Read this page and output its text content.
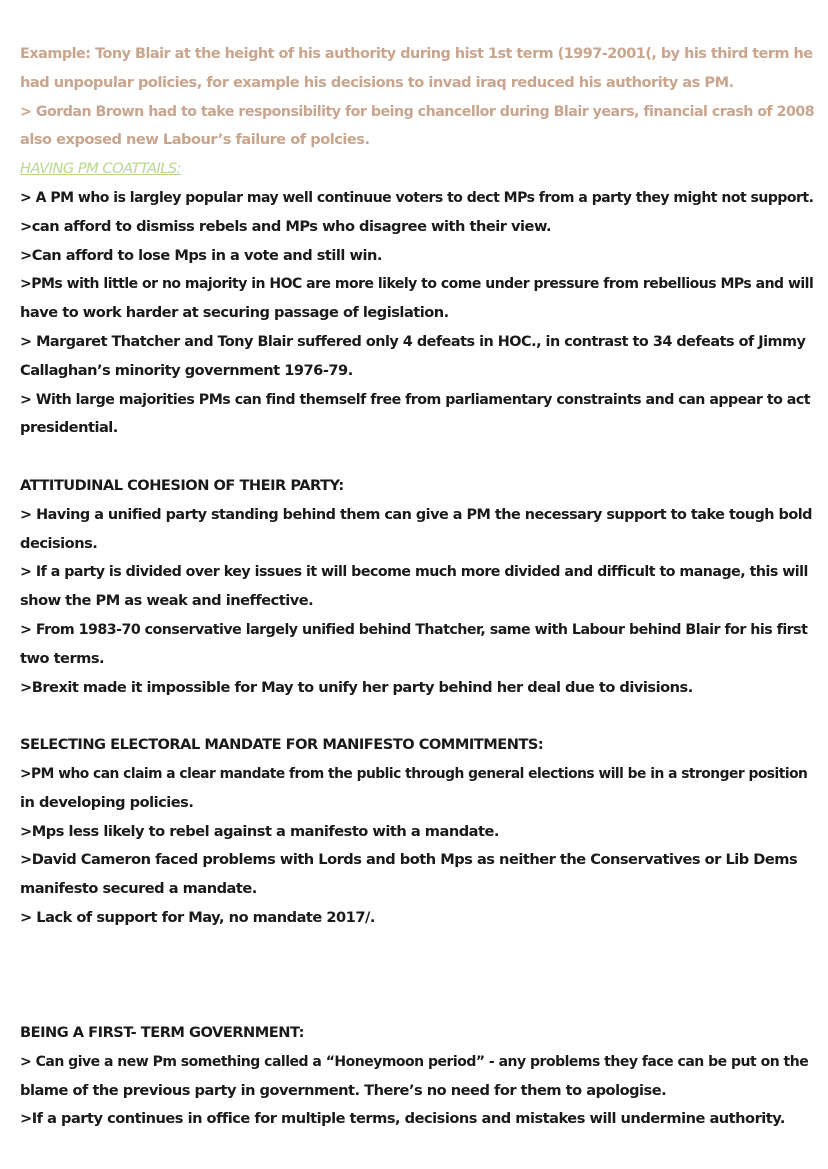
Example: Tony Blair at the height of his authority during hist 1st term (1997-2001(, by his third term he
had unpopular policies, for example his decisions to invad iraq reduced his authority as PM.
> Gordan Brown had to take responsibility for being chancellor during Blair years, financial crash of 2008
also exposed new Labour’s failure of polcies.
HAVING PM COATTAILS:
> A PM who is largley popular may well continuue voters to dect MPs from a party they might not support.
>can afford to dismiss rebels and MPs who disagree with their view.
>Can afford to lose Mps in a vote and still win.
>PMs with little or no majority in HOC are more likely to come under pressure from rebellious MPs and will
have to work harder at securing passage of legislation.
> Margaret Thatcher and Tony Blair suffered only 4 defeats in HOC., in contrast to 34 defeats of Jimmy
Callaghan’s minority government 1976-79.
> With large majorities PMs can find themself free from parliamentary constraints and can appear to act
presidential.
ATTITUDINAL COHESION OF THEIR PARTY:
> Having a unified party standing behind them can give a PM the necessary support to take tough bold
decisions.
> If a party is divided over key issues it will become much more divided and difficult to manage, this will
show the PM as weak and ineffective.
> From 1983-70 conservative largely unified behind Thatcher, same with Labour behind Blair for his first
two terms.
>Brexit made it impossible for May to unify her party behind her deal due to divisions.
SELECTING ELECTORAL MANDATE FOR MANIFESTO COMMITMENTS:
>PM who can claim a clear mandate from the public through general elections will be in a stronger position
in developing policies.
>Mps less likely to rebel against a manifesto with a mandate.
>David Cameron faced problems with Lords and both Mps as neither the Conservatives or Lib Dems
manifesto secured a mandate.
> Lack of support for May, no mandate 2017/.
BEING A FIRST- TERM GOVERNMENT:
> Can give a new Pm something called a “Honeymoon period” - any problems they face can be put on the
blame of the previous party in government. There’s no need for them to apologise.
>If a party continues in office for multiple terms, decisions and mistakes will undermine authority.
